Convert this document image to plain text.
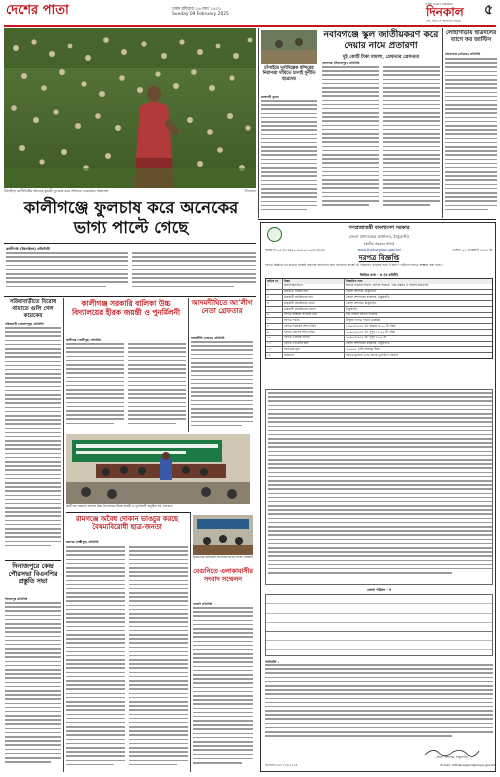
দেশের পাতা	ঢাকা রবিবার ২৬ মাঘ ১৪৩১
Sunday 09 February 2025
THE DAILY DINKAL
দিনকাল
দেশ, জাতি ও জনগণের পত্রিকা
৫
ঝিনাইদহ কালীগঞ্জের আলেক কুমারী ফুলচাষ করে সংসারে ফেরাচ্ছেন সচ্ছলতা	-দিনকাল
কালীগঞ্জে ফুলচাষ করে অনেকের ভাগ্য পাল্টে গেছে
কালীগঞ্জ (ঝিনাইদহ) প্রতিনিধি
চাঁপাইয়ে দুর্গাদিল্লেক মন্দিরের নিরাপত্তা দাবিতে চাপাই দুর্নীতি ছাত্রদের
রাজশাহী ব্যুরো
নবাবগঞ্জে স্কুল জাতীয়করণ করে দেয়ার নামে প্রতারণা
দুই কোটি টাকা মামলা, গ্রেফতার গ্রেফতার
নবাবগঞ্জ (দিনাজপুর) প্রতিনিধি
লোহাগাড়ায় ছাত্রদলের ব্যাগে ফর জাস্টিস
লোহাগাড়া (চট্টগ্রাম) প্রতিনিধি
গণপ্রজাতন্ত্রী বাংলাদেশ সরকার
জেলা প্রশাসকের কার্যালয়, ঠাকুরগাঁও
(স্থানীয় সরকার শাখা)
www.thakurgaon.gov.bd
স্মারক নং-০৫.৪২.৯৪০০.০০৯.০১.০৫৬.২৪-৪৯	তারিখ: ০৫ ফেব্রুয়ারি ২০২৫ খ্রি.
দরপত্র বিজ্ঞপ্তি
দরপত্র বিজ্ঞপ্তি এর মাধ্যমে সংশ্লিষ্ট সকলের অবগতির জন্য জানানো যাচ্ছে যে, নিম্নবর্ণিত কাজের জন্য ই-জিপি পোর্টালে দরপত্র আহ্বান করা হলো।
ভিত্তিক তথ্য - ক (ক কমিটি)
ক্রমিক নং	বিষয়	বিস্তারিত তথ্য
১	মন্ত্রণালয়/বিভাগ	স্থানীয় সরকার বিভাগ, স্থানীয় সরকার, পল্লী উন্নয়ন ও সমবায় মন্ত্রণালয়
২	ক্রয়কারী সংস্থার নাম	জেলা প্রশাসক, ঠাকুরগাঁও
৩	ক্রয়কারী প্রতিষ্ঠানের নাম	জেলা প্রশাসকের কার্যালয়, ঠাকুরগাঁও
৪	ক্রয়কারী প্রতিষ্ঠানের কোড	জেলা প্রশাসক, ঠাকুরগাঁও
৫	ক্রয়কারী প্রতিষ্ঠানের জেলা	ঠাকুরগাঁও
৬	দরপত্র আহ্বান সংক্রান্ত তথ্য	হাট-বাজার ইজারা সংক্রান্ত
৭	দরপত্র পদ্ধতি	উন্মুক্ত দরপত্র পদ্ধতি (OTM)
৮	দরপত্র বিক্রয়ের শেষ তারিখ	১৯/০২/২০২৫ খ্রি. বিকাল ৪:০০ টা পর্যন্ত
৯	দরপত্র গ্রহণের শেষ তারিখ	২০/০২/২০২৫ খ্রি. দুপুর ১২:০০ টা পর্যন্ত
১০	দরপত্র খোলার তারিখ	২০/০২/২০২৫ খ্রি. দুপুর ২:০০ টা
১১	দরপত্র দাখিলের স্থান	জেলা প্রশাসকের কার্যালয়, ঠাকুরগাঁও
১২	দরপত্রের মূল্য	৫,০০০/- (পাঁচ হাজার) টাকা
১৩	জামানত	দরপত্র মূল্যের ৩০% ব্যাংক ড্রাফট/পে-অর্ডার
জেলা পরিষদ - খ
শর্তাবলি :
জেলা প্রশাসক, ঠাকুরগাঁও
ডিএফপি-৩২৮ (১/৮) ২২৪	E-mail: dcthakurgaon@mopa.gov.bd
সরিষাবাড়ীতে বিরোধ থামাতে গুলি গেল কয়েকের
সরিষাবাড়ী (জামালপুর) প্রতিনিধি
দিনাজপুরে কেন্দ্র পৌরসভা বিএনপির প্রস্তুতি সভা
দিনাজপুর প্রতিনিধি
কালীগঞ্জ সরকারি বালিকা উচ্চ বিদ্যালয়ের হীরক জয়ন্তী ও পুনর্মিলনী
কালীগঞ্জ (গাজীপুর) প্রতিনিধি
কালীগঞ্জ সরকারি বালিকা উচ্চ বিদ্যালয়ের হীরক জয়ন্তী ও পুনর্মিলনী অনুষ্ঠিত হয় -দিনকাল
আদমদীঘিতে আ’লীগ নেতা গ্রেফতার
আদমদীঘি (বগুড়া) প্রতিনিধি
রামগঞ্জে অবৈধ দোকান ভাঙচুর করছে বৈষম্যবিরোধী ছাত্র-জনতা
রামগঞ্জ (লক্ষ্মীপুর) প্রতিনিধি
সুনামগঞ্জে মেডিকেল কলেজের স্থাপনে সংবাদ সম্মেলন
বেগুনিতে এলাকাবাসীর সংবাদ সম্মেলন
বেগুনি প্রতিনিধি
